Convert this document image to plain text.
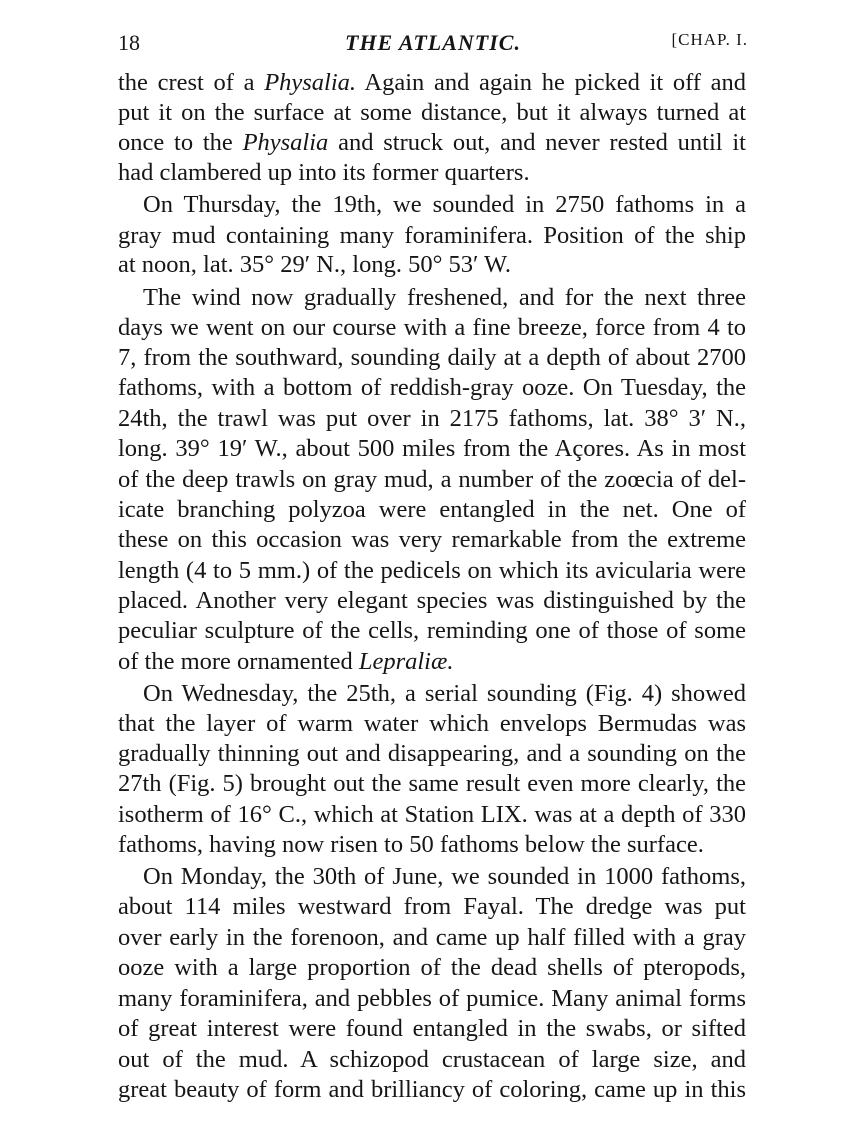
18	THE ATLANTIC.	[CHAP. I.
the crest of a Physalia. Again and again he picked it off and
put it on the surface at some distance, but it always turned at
once to the Physalia and struck out, and never rested until it
had clambered up into its former quarters.
On Thursday, the 19th, we sounded in 2750 fathoms in a
gray mud containing many foraminifera. Position of the ship
at noon, lat. 35° 29′ N., long. 50° 53′ W.
The wind now gradually freshened, and for the next three
days we went on our course with a fine breeze, force from 4 to
7, from the southward, sounding daily at a depth of about 2700
fathoms, with a bottom of reddish-gray ooze. On Tuesday, the
24th, the trawl was put over in 2175 fathoms, lat. 38° 3′ N.,
long. 39° 19′ W., about 500 miles from the Açores. As in most
of the deep trawls on gray mud, a number of the zoœcia of del-
icate branching polyzoa were entangled in the net. One of
these on this occasion was very remarkable from the extreme
length (4 to 5 mm.) of the pedicels on which its avicularia were
placed. Another very elegant species was distinguished by the
peculiar sculpture of the cells, reminding one of those of some
of the more ornamented Lepraliæ.
On Wednesday, the 25th, a serial sounding (Fig. 4) showed
that the layer of warm water which envelops Bermudas was
gradually thinning out and disappearing, and a sounding on the
27th (Fig. 5) brought out the same result even more clearly, the
isotherm of 16° C., which at Station LIX. was at a depth of 330
fathoms, having now risen to 50 fathoms below the surface.
On Monday, the 30th of June, we sounded in 1000 fathoms,
about 114 miles westward from Fayal. The dredge was put
over early in the forenoon, and came up half filled with a gray
ooze with a large proportion of the dead shells of pteropods,
many foraminifera, and pebbles of pumice. Many animal forms
of great interest were found entangled in the swabs, or sifted
out of the mud. A schizopod crustacean of large size, and
great beauty of form and brilliancy of coloring, came up in this
